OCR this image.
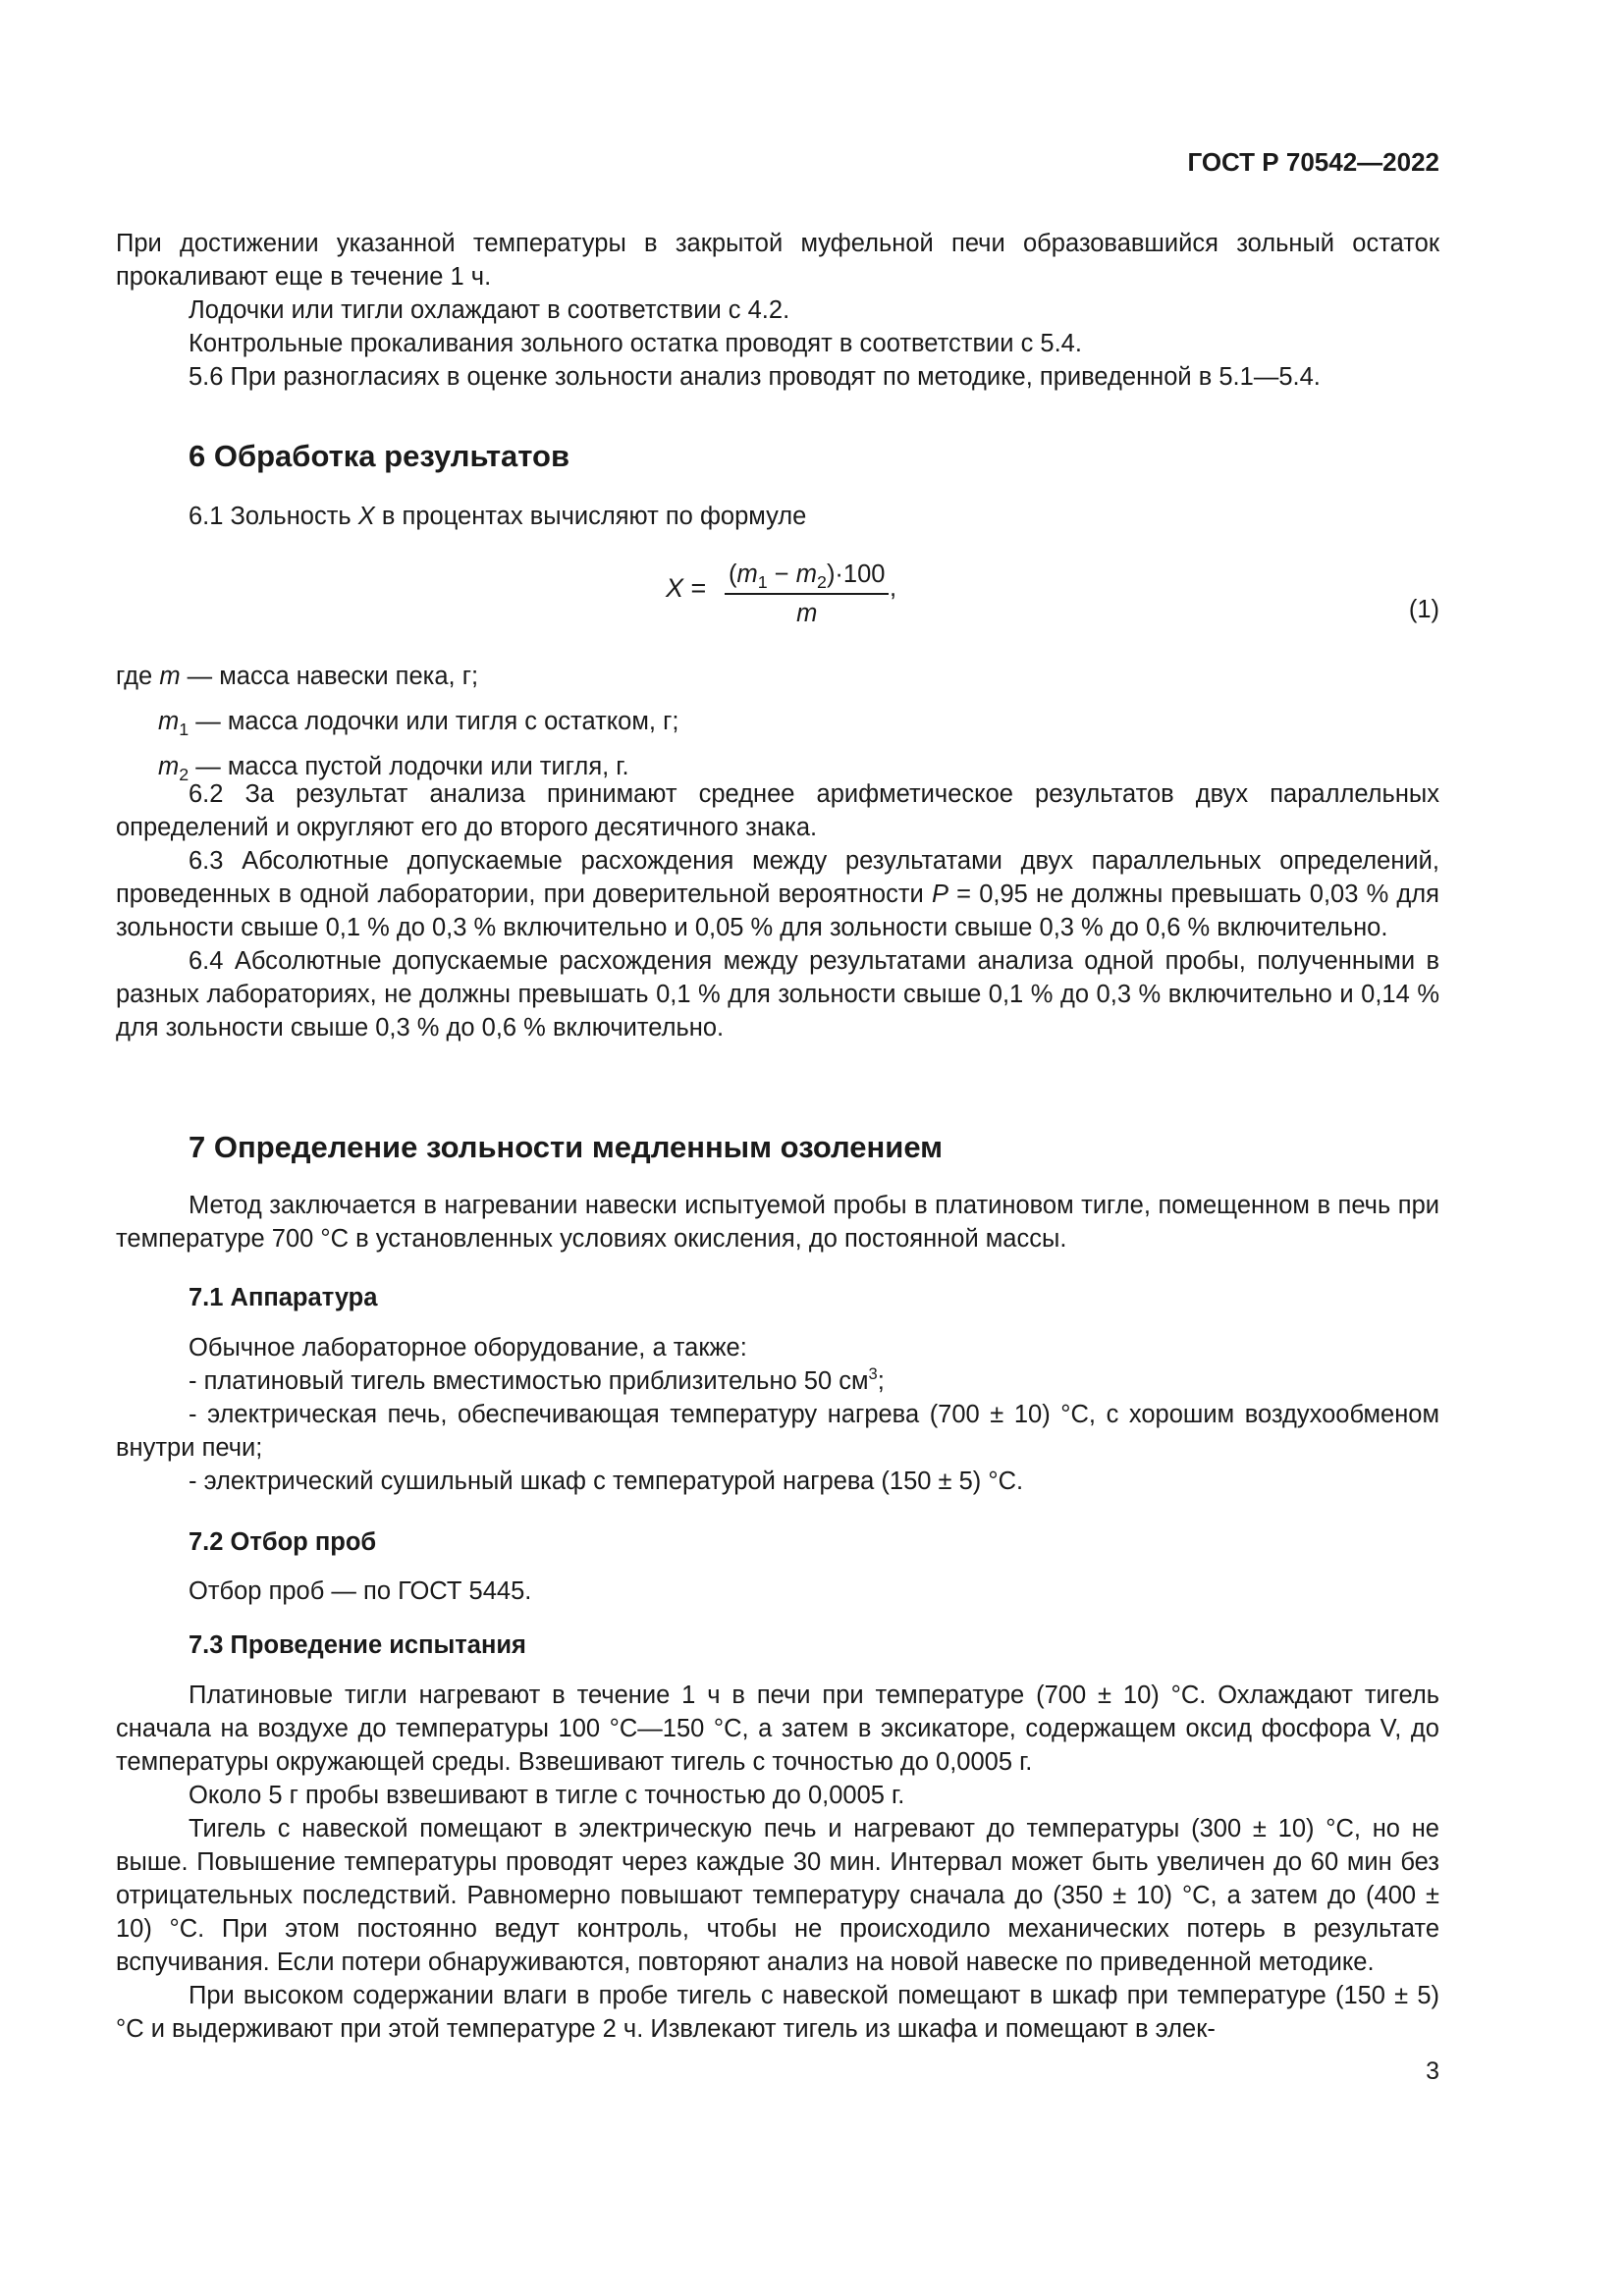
ГОСТ Р 70542—2022

При достижении указанной температуры в закрытой муфельной печи образовавшийся зольный остаток прокаливают еще в течение 1 ч.

Лодочки или тигли охлаждают в соответствии с 4.2.

Контрольные прокаливания зольного остатка проводят в соответствии с 5.4.

5.6 При разногласиях в оценке зольности анализ проводят по методике, приведенной в 5.1—5.4.

6 Обработка результатов

6.1 Зольность X в процентах вычисляют по формуле

$X = \frac{(m_1 - m_2)\cdot 100}{m}$ ,
(1)

где m — масса навески пека, г;

$m_1$ — масса лодочки или тигля с остатком, г;

$m_2$ — масса пустой лодочки или тигля, г.

6.2 За результат анализа принимают среднее арифметическое результатов двух параллельных определений и округляют его до второго десятичного знака.

6.3 Абсолютные допускаемые расхождения между результатами двух параллельных определений, проведенных в одной лаборатории, при доверительной вероятности P = 0,95 не должны превышать 0,03 % для зольности свыше 0,1 % до 0,3 % включительно и 0,05 % для зольности свыше 0,3 % до 0,6 % включительно.

6.4 Абсолютные допускаемые расхождения между результатами анализа одной пробы, полученными в разных лабораториях, не должны превышать 0,1 % для зольности свыше 0,1 % до 0,3 % включительно и 0,14 % для зольности свыше 0,3 % до 0,6 % включительно.

7 Определение зольности медленным озолением

Метод заключается в нагревании навески испытуемой пробы в платиновом тигле, помещенном в печь при температуре 700 °С в установленных условиях окисления, до постоянной массы.

7.1 Аппаратура

Обычное лабораторное оборудование, а также:

- платиновый тигель вместимостью приблизительно 50 $см^3$;

- электрическая печь, обеспечивающая температуру нагрева (700 ± 10) °С, с хорошим воздухообменом внутри печи;

- электрический сушильный шкаф с температурой нагрева (150 ± 5) °С.

7.2 Отбор проб

Отбор проб — по ГОСТ 5445.

7.3 Проведение испытания

Платиновые тигли нагревают в течение 1 ч в печи при температуре (700 ± 10) °С. Охлаждают тигель сначала на воздухе до температуры 100 °С—150 °С, а затем в эксикаторе, содержащем оксид фосфора V, до температуры окружающей среды. Взвешивают тигель с точностью до 0,0005 г.

Около 5 г пробы взвешивают в тигле с точностью до 0,0005 г.

Тигель с навеской помещают в электрическую печь и нагревают до температуры (300 ± 10) °С, но не выше. Повышение температуры проводят через каждые 30 мин. Интервал может быть увеличен до 60 мин без отрицательных последствий. Равномерно повышают температуру сначала до (350 ± 10) °С, а затем до (400 ± 10) °С. При этом постоянно ведут контроль, чтобы не происходило механических потерь в результате вспучивания. Если потери обнаруживаются, повторяют анализ на новой навеске по приведенной методике.

При высоком содержании влаги в пробе тигель с навеской помещают в шкаф при температуре (150 ± 5) °С и выдерживают при этой температуре 2 ч. Извлекают тигель из шкафа и помещают в элек-

3
